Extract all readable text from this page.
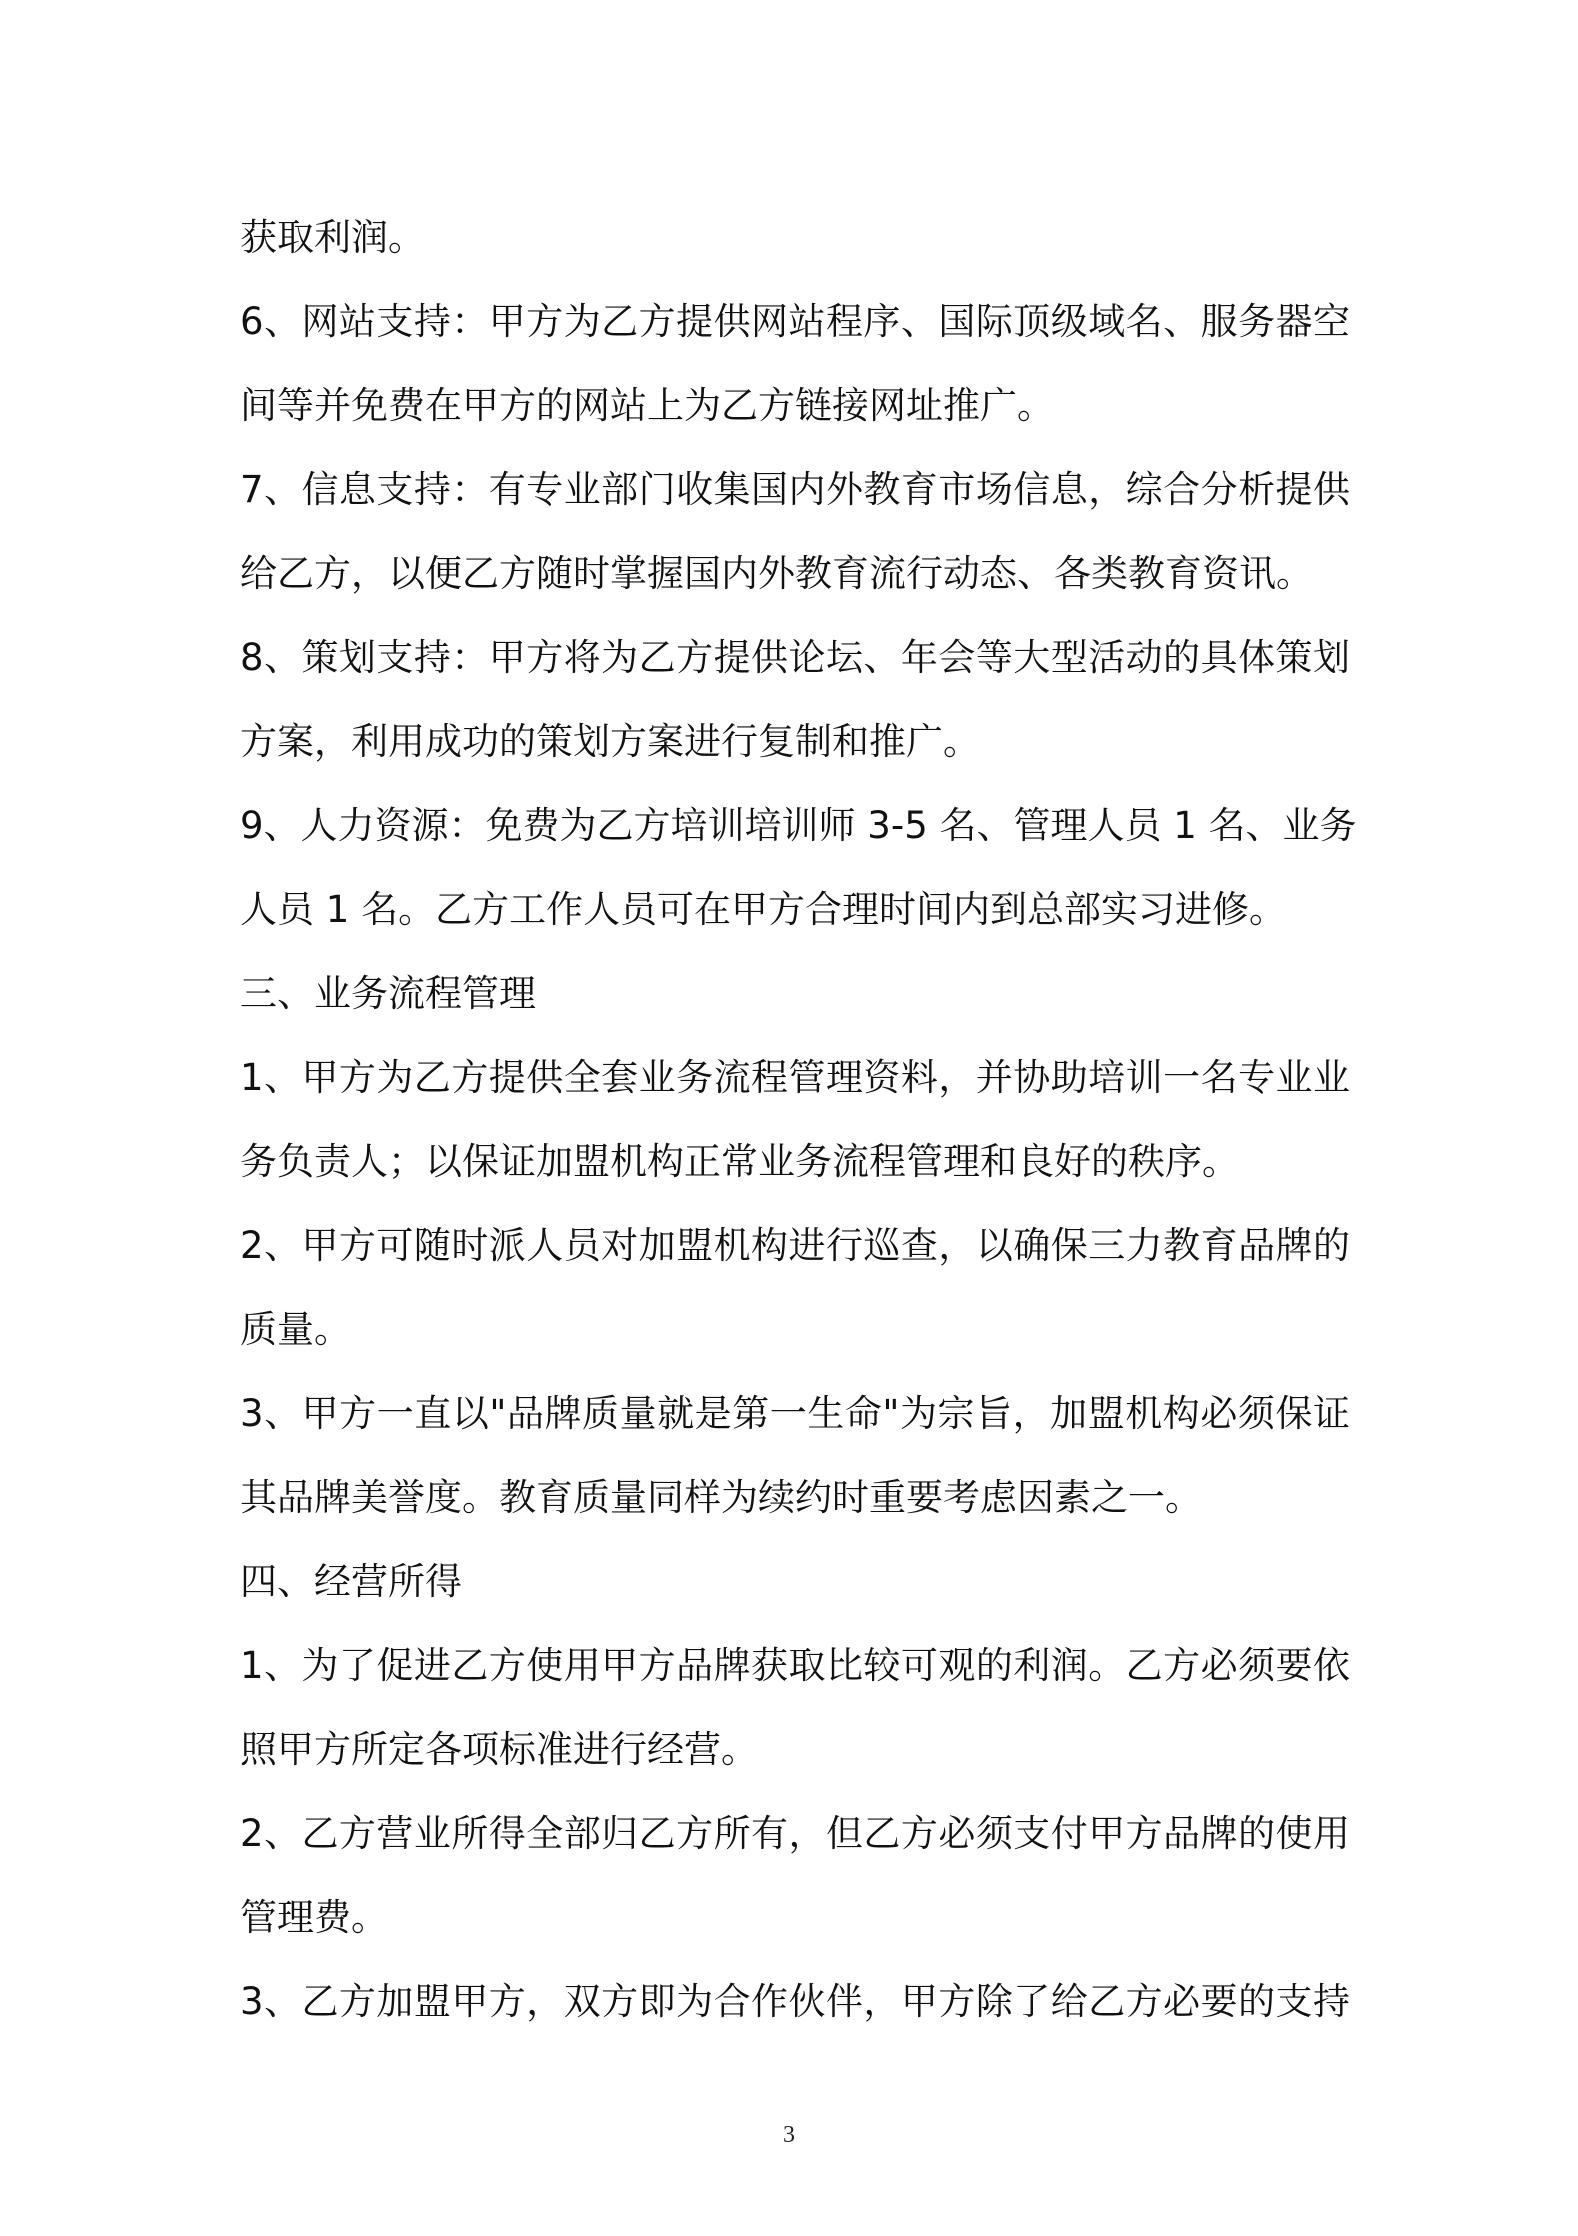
获取利润。
6、网站支持：甲方为乙方提供网站程序、国际顶级域名、服务器空
间等并免费在甲方的网站上为乙方链接网址推广。
7、信息支持：有专业部门收集国内外教育市场信息，综合分析提供
给乙方，以便乙方随时掌握国内外教育流行动态、各类教育资讯。
8、策划支持：甲方将为乙方提供论坛、年会等大型活动的具体策划
方案，利用成功的策划方案进行复制和推广。
9、人力资源：免费为乙方培训培训师 3-5 名、管理人员 1 名、业务
人员 1 名。乙方工作人员可在甲方合理时间内到总部实习进修。
三、业务流程管理
1、甲方为乙方提供全套业务流程管理资料，并协助培训一名专业业
务负责人；以保证加盟机构正常业务流程管理和良好的秩序。
2、甲方可随时派人员对加盟机构进行巡查，以确保三力教育品牌的
质量。
3、甲方一直以"品牌质量就是第一生命"为宗旨，加盟机构必须保证
其品牌美誉度。教育质量同样为续约时重要考虑因素之一。
四、经营所得
1、为了促进乙方使用甲方品牌获取比较可观的利润。乙方必须要依
照甲方所定各项标准进行经营。
2、乙方营业所得全部归乙方所有，但乙方必须支付甲方品牌的使用
管理费。
3、乙方加盟甲方，双方即为合作伙伴，甲方除了给乙方必要的支持
3
